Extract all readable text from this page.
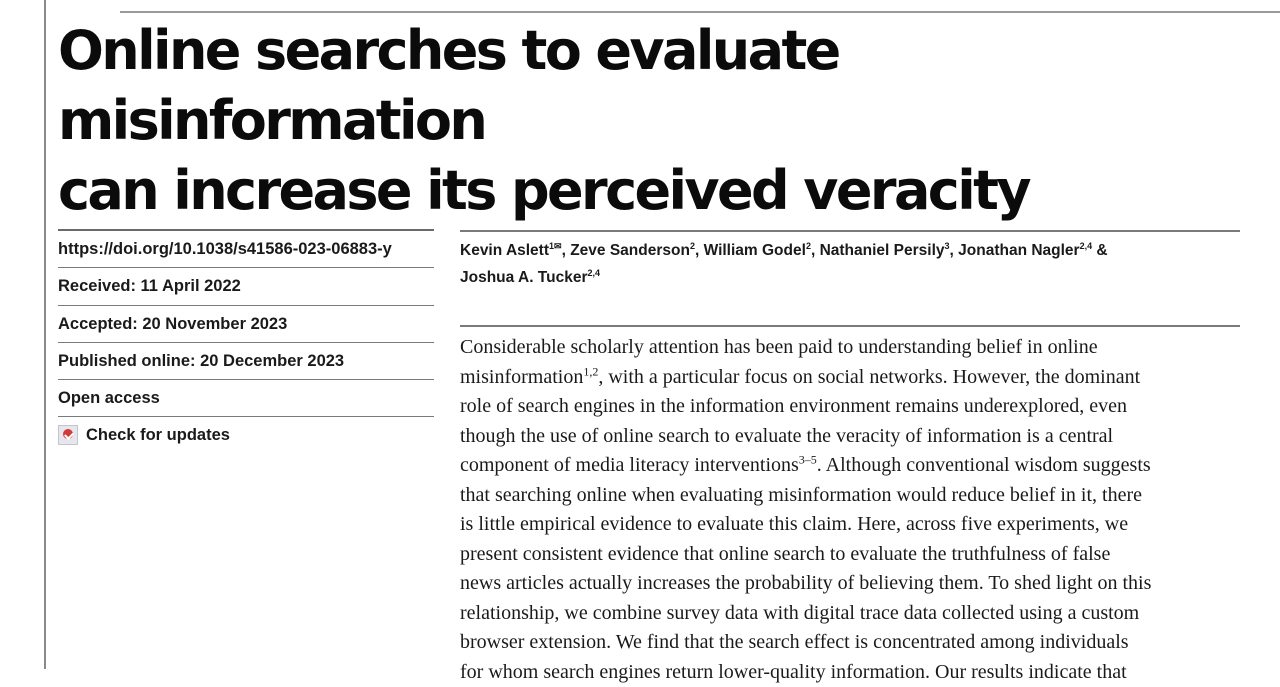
Online searches to evaluate misinformation
can increase its perceived veracity
https://doi.org/10.1038/s41586-023-06883-y
Received: 11 April 2022
Accepted: 20 November 2023
Published online: 20 December 2023
Open access
Check for updates

Kevin Aslett$^{1✉}$, Zeve Sanderson$^2$, William Godel$^2$, Nathaniel Persily$^3$, Jonathan Nagler$^{2,4}$ &
Joshua A. Tucker$^{2,4}$

Considerable scholarly attention has been paid to understanding belief in online
misinformation$^{1,2}$, with a particular focus on social networks. However, the dominant
role of search engines in the information environment remains underexplored, even
though the use of online search to evaluate the veracity of information is a central
component of media literacy interventions$^{3-5}$. Although conventional wisdom suggests
that searching online when evaluating misinformation would reduce belief in it, there
is little empirical evidence to evaluate this claim. Here, across five experiments, we
present consistent evidence that online search to evaluate the truthfulness of false
news articles actually increases the probability of believing them. To shed light on this
relationship, we combine survey data with digital trace data collected using a custom
browser extension. We find that the search effect is concentrated among individuals
for whom search engines return lower-quality information. Our results indicate that
